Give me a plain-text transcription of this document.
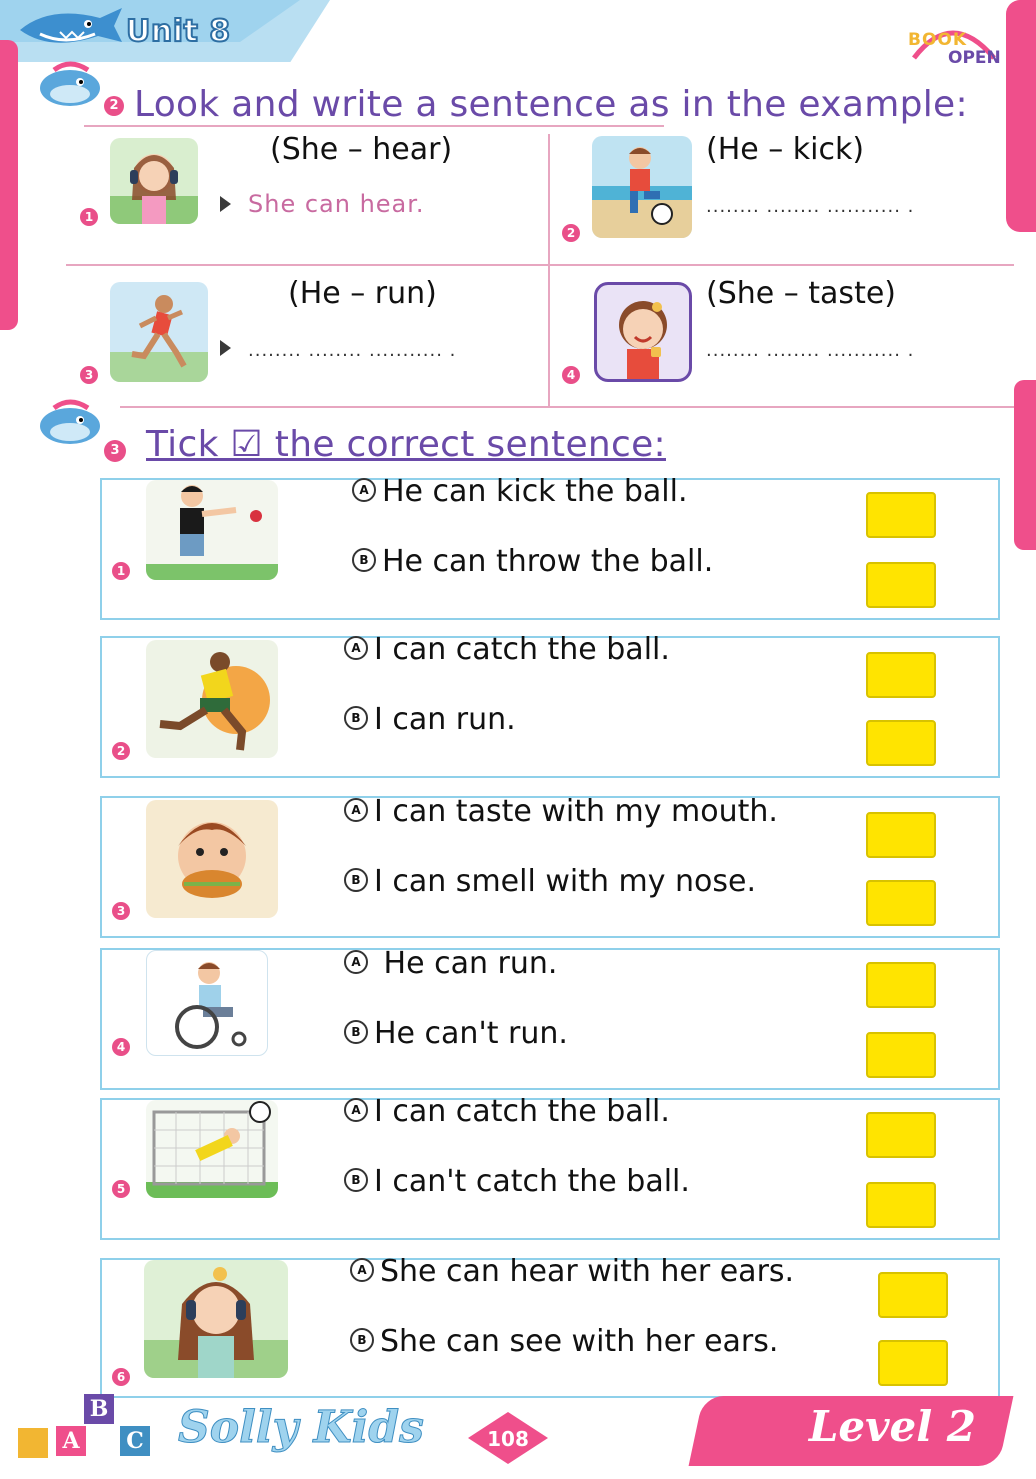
Unit 8	BOOK
OPEN
2 Look and write a sentence as in the example:
1	She can hear.
(She – hear)
2
(He – kick)
........ ........ ........... .
3
(He – run)
........ ........ ........... .
4
(She – taste)
........ ........ ........... .
3 Tick ☑ the correct sentence:
1
A He can kick the ball.
B He can throw the ball.
2
A I can catch the ball.
B I can run.
3
A I can taste with my mouth.
B I can smell with my nose.
4
A He can run.
B He can't run.
5
A I can catch the ball.
B I can't catch the ball.
6
A She can hear with her ears.
B She can see with her ears.
B
A C Solly Kids	108	Level 2
